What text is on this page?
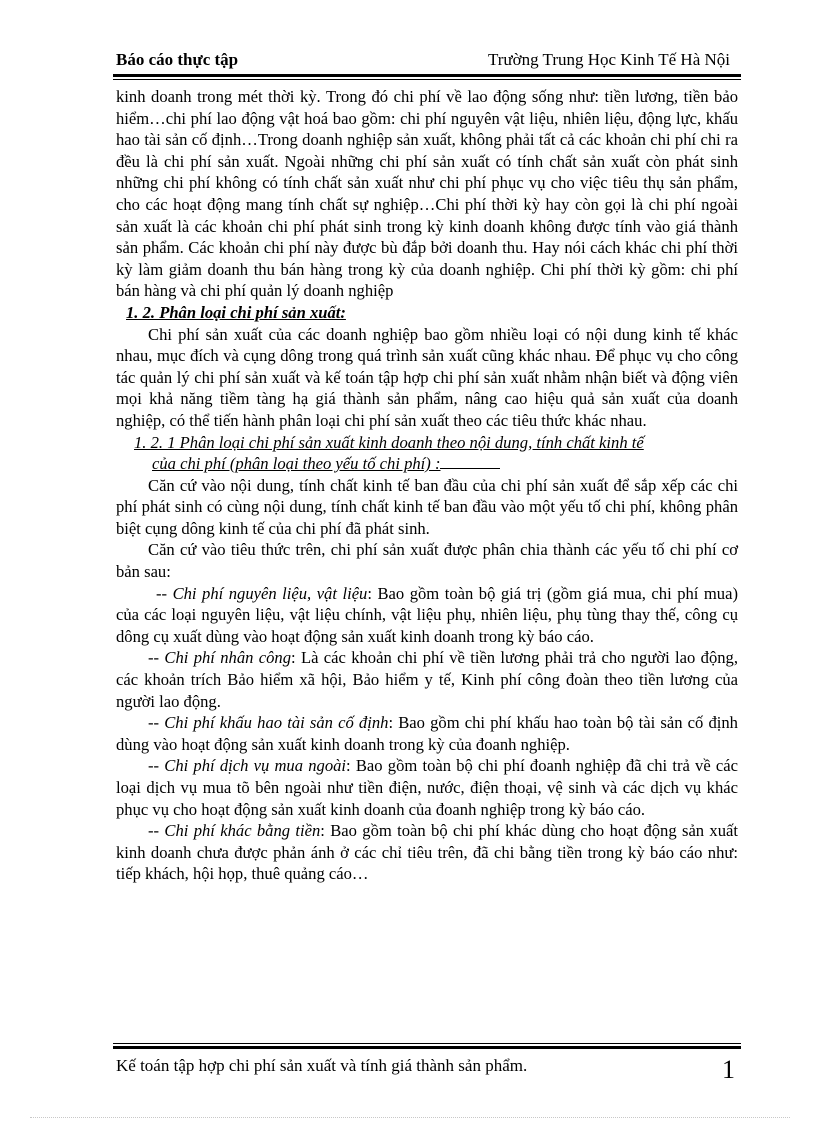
Báo cáo thực tập	Trường Trung Học Kinh Tế Hà Nội

kinh doanh trong mét thời kỳ. Trong đó chi phí về lao động sống như: tiền lương, tiền bảo hiểm…chi phí lao động vật hoá bao gồm: chi phí nguyên vật liệu, nhiên liệu, động lực, khấu hao tài sản cố định…Trong doanh nghiệp sản xuất, không phải tất cả các khoản chi phí chi ra đều là chi phí sản xuất. Ngoài những chi phí sản xuất có tính chất sản xuất còn phát sinh những chi phí không có tính chất sản xuất như chi phí phục vụ cho việc tiêu thụ sản phẩm, cho các hoạt động mang tính chất sự nghiệp…Chi phí thời kỳ hay còn gọi là chi phí ngoài sản xuất là các khoản chi phí phát sinh trong kỳ kinh doanh không được tính vào giá thành sản phẩm. Các khoản chi phí này được bù đắp bởi doanh thu. Hay nói cách khác chi phí thời kỳ làm giảm doanh thu bán hàng trong kỳ của doanh nghiệp. Chi phí thời kỳ gồm: chi phí bán hàng và chi phí quản lý doanh nghiệp

1. 2. Phân loại chi phí sản xuất:

Chi phí sản xuất của các doanh nghiệp bao gồm nhiều loại có nội dung kinh tế khác nhau, mục đích và cụng dông trong quá trình sản xuất cũng khác nhau. Để phục vụ cho công tác quản lý chi phí sản xuất và kế toán tập hợp chi phí sản xuất nhằm nhận biết và động viên mọi khả năng tiềm tàng hạ giá thành sản phẩm, nâng cao hiệu quả sản xuất của doanh nghiệp, có thể tiến hành phân loại chi phí sản xuất theo các tiêu thức khác nhau.

1. 2. 1 Phân loại chi phí sản xuất kinh doanh theo nội dung, tính chất kinh tế
của chi phí (phân loại theo yếu tố chi phí) :

Căn cứ vào nội dung, tính chất kinh tế ban đầu của chi phí sản xuất để sắp xếp các chi phí phát sinh có cùng nội dung, tính chất kinh tế ban đầu vào một yếu tố chi phí, không phân biệt cụng dông kinh tế của chi phí đã phát sinh.

Căn cứ vào tiêu thức trên, chi phí sản xuất được phân chia thành các yếu tố chi phí cơ bản sau:

-- Chi phí nguyên liệu, vật liệu: Bao gồm toàn bộ giá trị (gồm giá mua, chi phí mua) của các loại nguyên liệu, vật liệu chính, vật liệu phụ, nhiên liệu, phụ tùng thay thế, công cụ dông cụ xuất dùng vào hoạt động sản xuất kinh doanh trong kỳ báo cáo.

-- Chi phí nhân công: Là các khoản chi phí về tiền lương phải trả cho người lao động, các khoản trích Bảo hiểm xã hội, Bảo hiểm y tế, Kinh phí công đoàn theo tiền lương của người lao động.

-- Chi phí khấu hao tài sản cố định: Bao gồm chi phí khấu hao toàn bộ tài sản cố định dùng vào hoạt động sản xuất kinh doanh trong kỳ của đoanh nghiệp.

-- Chi phí dịch vụ mua ngoài: Bao gồm toàn bộ chi phí đoanh nghiệp đã chi trả về các loại dịch vụ mua tõ bên ngoài như tiền điện, nước, điện thoại, vệ sinh và các dịch vụ khác phục vụ cho hoạt động sản xuất kinh doanh của đoanh nghiệp trong kỳ báo cáo.

-- Chi phí khác bằng tiền: Bao gồm toàn bộ chi phí khác dùng cho hoạt động sản xuất kinh doanh chưa được phản ánh ở các chỉ tiêu trên, đã chi bằng tiền trong kỳ báo cáo như: tiếp khách, hội họp, thuê quảng cáo…

Kế toán tập hợp chi phí sản xuất và tính giá thành sản phẩm.	1
